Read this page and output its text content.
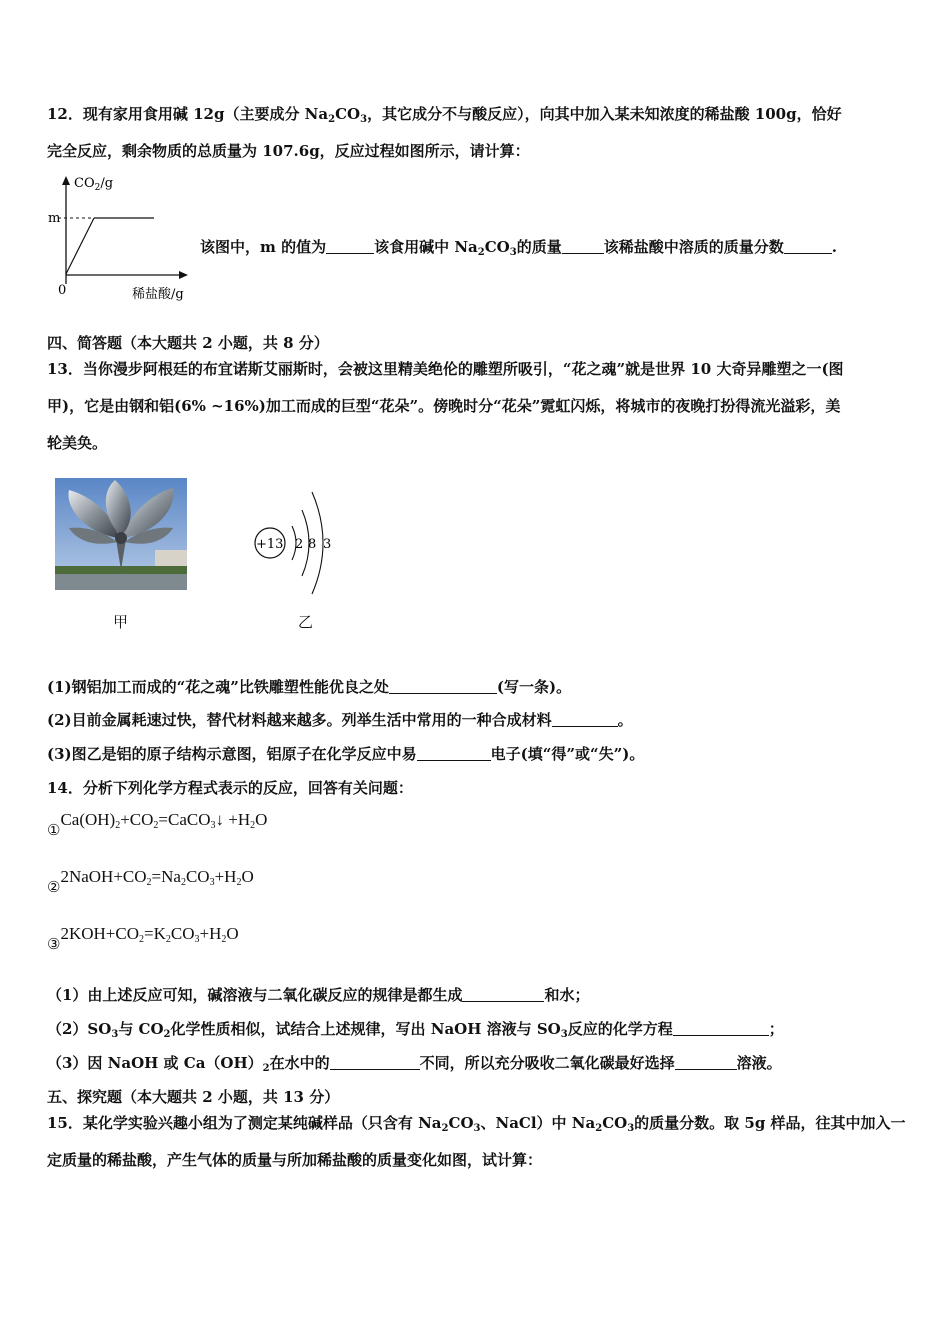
12．现有家用食用碱 12g（主要成分 $Na_2CO_3$，其它成分不与酸反应），向其中加入某未知浓度的稀盐酸 100g，恰好
完全反应，剩余物质的总质量为 107.6g，反应过程如图所示，请计算：
$CO_2/g$
m
0	稀盐酸/g
该图中，m 的值为	该食用碱中 $Na_2CO_3$的质量	该稀盐酸中溶质的质量分数	.
四、简答题（本大题共 2 小题，共 8 分）
13．当你漫步阿根廷的布宜诺斯艾丽斯时，会被这里精美绝伦的雕塑所吸引，“花之魂”就是世界 10 大奇异雕塑之一(图
甲)，它是由钢和铝(6% ~16%)加工而成的巨型“花朵”。傍晚时分“花朵”霓虹闪烁，将城市的夜晚打扮得流光溢彩，美
轮美奂。
甲
+13 2 8 3
乙
(1)钢铝加工而成的“花之魂”比铁雕塑性能优良之处	(写一条)。
(2)目前金属耗速过快，替代材料越来越多。列举生活中常用的一种合成材料	。
(3)图乙是铝的原子结构示意图，铝原子在化学反应中易	电子(填“得”或“失”)。
14．分析下列化学方程式表示的反应，回答有关问题：
$①Ca(OH)_2+CO_2=CaCO_3↓ +H_2O$
$②2NaOH+CO_2=Na_2CO_3+H_2O$
$③2KOH+CO_2=K_2CO_3+H_2O$
（1）由上述反应可知，碱溶液与二氧化碳反应的规律是都生成	和水；
$(2)SO_3$与 $CO_2$化学性质相似，试结合上述规律，写出 NaOH 溶液与 $SO_3$反应的化学方程	；
（3）因 NaOH 或 $Ca(OH)_2$在水中的	不同，所以充分吸收二氧化碳最好选择	溶液。
五、探究题（本大题共 2 小题，共 13 分）
15．某化学实验兴趣小组为了测定某纯碱样品（只含有 $Na_2CO_3$、NaCl）中 $Na_2CO_3$的质量分数。取 5g 样品，往其中加入一
定质量的稀盐酸，产生气体的质量与所加稀盐酸的质量变化如图，试计算：
